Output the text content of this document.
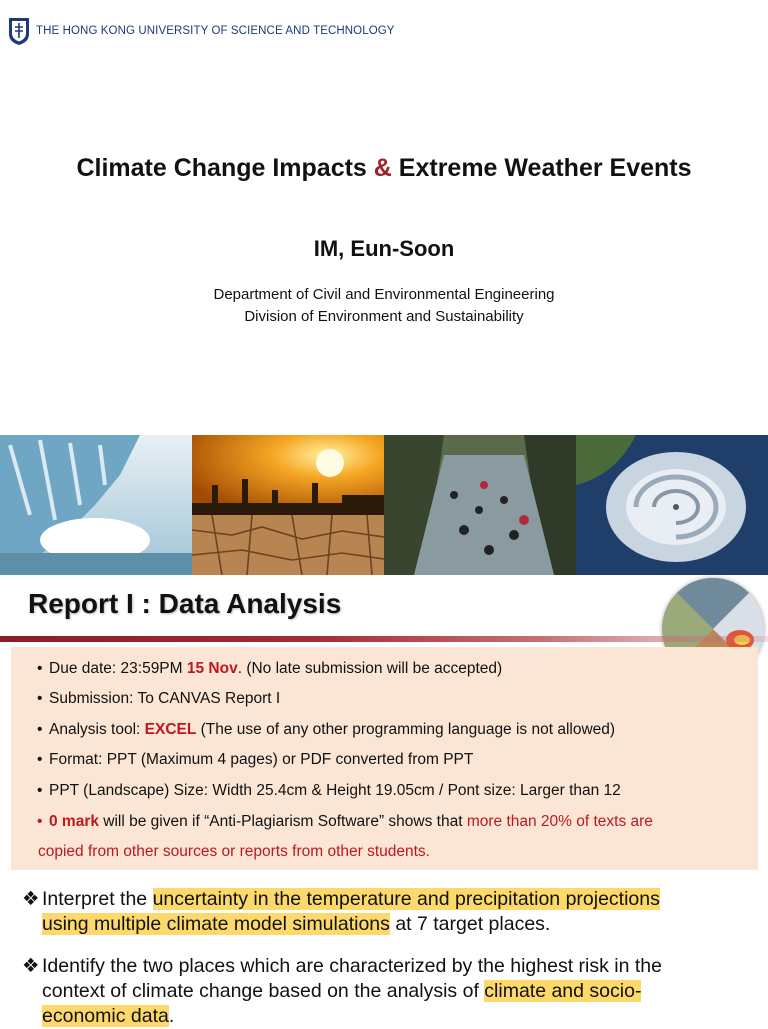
THE HONG KONG UNIVERSITY OF SCIENCE AND TECHNOLOGY
Climate Change Impacts & Extreme Weather Events
IM, Eun-Soon
Department of Civil and Environmental Engineering
Division of Environment and Sustainability
Report I : Data Analysis
• Due date: 23:59PM 15 Nov. (No late submission will be accepted)
• Submission: To CANVAS Report I
• Analysis tool: EXCEL (The use of any other programming language is not allowed)
• Format: PPT (Maximum 4 pages) or PDF converted from PPT
• PPT (Landscape) Size: Width 25.4cm & Height 19.05cm / Pont size: Larger than 12
• 0 mark will be given if “Anti-Plagiarism Software” shows that more than 20% of texts are
copied from other sources or reports from other students.
❖ Interpret the uncertainty in the temperature and precipitation projections
using multiple climate model simulations at 7 target places.
❖ Identify the two places which are characterized by the highest risk in the
context of climate change based on the analysis of climate and socio-
economic data.
